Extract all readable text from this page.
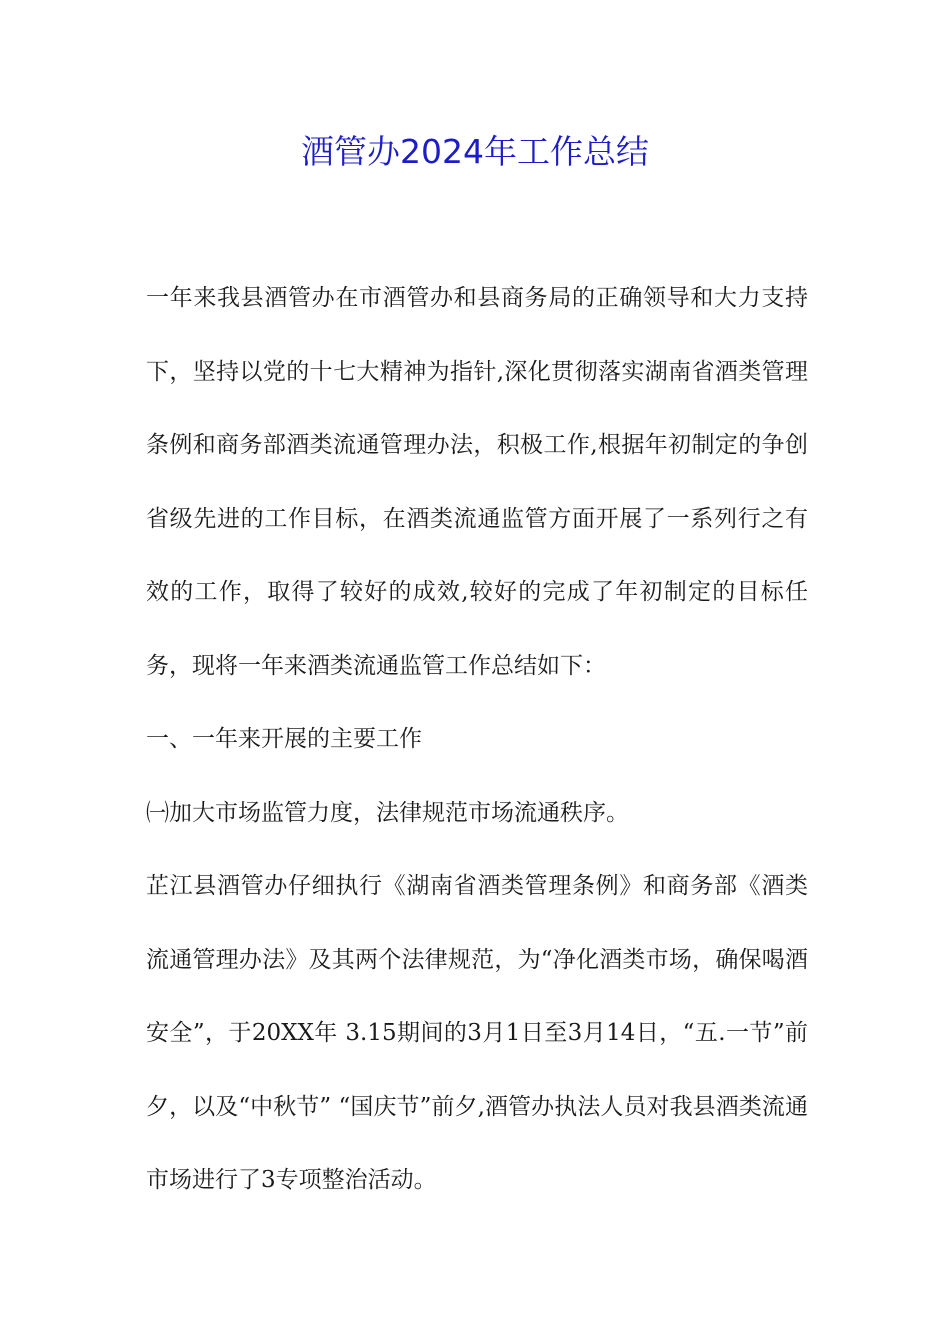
酒管办2024年工作总结

一年来我县酒管办在市酒管办和县商务局的正确领导和大力支持下，坚持以党的十七大精神为指针,深化贯彻落实湖南省酒类管理条例和商务部酒类流通管理办法，积极工作,根据年初制定的争创省级先进的工作目标，在酒类流通监管方面开展了一系列行之有效的工作，取得了较好的成效,较好的完成了年初制定的目标任务，现将一年来酒类流通监管工作总结如下：

一、一年来开展的主要工作

㈠加大市场监管力度，法律规范市场流通秩序。

芷江县酒管办仔细执行《湖南省酒类管理条例》和商务部《酒类流通管理办法》及其两个法律规范，为“净化酒类市场，确保喝酒安全”，于20XX年 3.15期间的3月1日至3月14日，“五.一节”前夕，以及“中秋节” “国庆节”前夕,酒管办执法人员对我县酒类流通市场进行了3专项整治活动。
